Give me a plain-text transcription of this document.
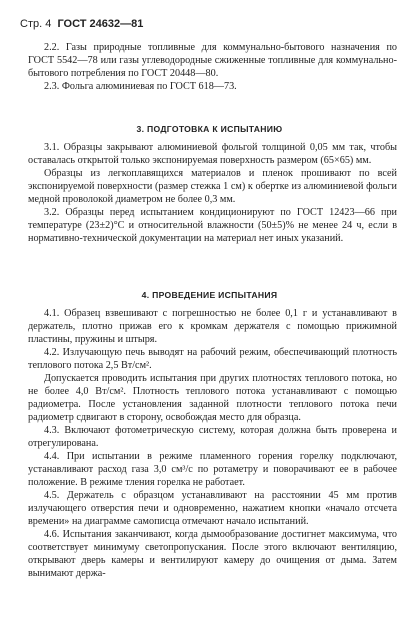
Стр. 4 ГОСТ 24632—81

2.2. Газы природные топливные для коммунально-бытового назначения по ГОСТ 5542—78 или газы углеводородные сжиженные топливные для коммунально-бытового потребления по ГОСТ 20448—80.

2.3. Фольга алюминиевая по ГОСТ 618—73.

3. ПОДГОТОВКА К ИСПЫТАНИЮ

3.1. Образцы закрывают алюминиевой фольгой толщиной 0,05 мм так, чтобы оставалась открытой только экспонируемая поверхность размером (65×65) мм.

Образцы из легкоплавящихся материалов и пленок прошивают по всей экспонируемой поверхности (размер стежка 1 см) к обертке из алюминиевой фольги медной проволокой диаметром не более 0,3 мм.

3.2. Образцы перед испытанием кондиционируют по ГОСТ 12423—66 при температуре (23±2)°С и относительной влажности (50±5)% не менее 24 ч, если в нормативно-технической документации на материал нет иных указаний.

4. ПРОВЕДЕНИЕ ИСПЫТАНИЯ

4.1. Образец взвешивают с погрешностью не более 0,1 г и устанавливают в держатель, плотно прижав его к кромкам держателя с помощью прижимной пластины, пружины и штыря.

4.2. Излучающую печь выводят на рабочий режим, обеспечивающий плотность теплового потока 2,5 Вт/см².

Допускается проводить испытания при других плотностях теплового потока, но не более 4,0 Вт/см². Плотность теплового потока устанавливают с помощью радиометра. После установления заданной плотности теплового потока печи радиометр сдвигают в сторону, освобождая место для образца.

4.3. Включают фотометрическую систему, которая должна быть проверена и отрегулирована.

4.4. При испытании в режиме пламенного горения горелку подключают, устанавливают расход газа 3,0 см³/с по ротаметру и поворачивают ее в рабочее положение. В режиме тления горелка не работает.

4.5. Держатель с образцом устанавливают на расстоянии 45 мм против излучающего отверстия печи и одновременно, нажатием кнопки «начало отсчета времени» на диаграмме самописца отмечают начало испытаний.

4.6. Испытания заканчивают, когда дымообразование достигнет максимума, что соответствует минимуму светопропускания. После этого включают вентиляцию, открывают дверь камеры и вентилируют камеру до очищения от дыма. Затем вынимают держа-
